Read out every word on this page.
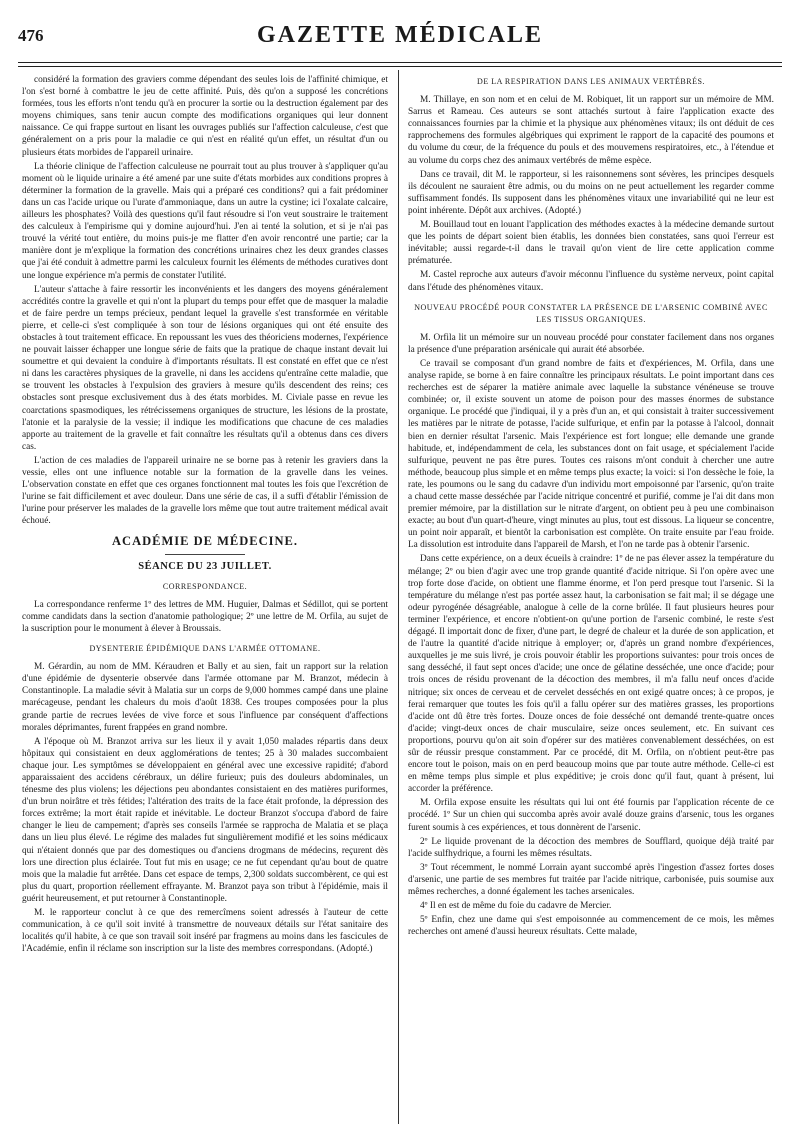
476	GAZETTE MÉDICALE

considéré la formation des graviers comme dépendant des seules lois de l'affinité chimique, et l'on s'est borné à combattre le jeu de cette affinité. Puis, dès qu'on a supposé les concrétions formées, tous les efforts n'ont tendu qu'à en procurer la sortie ou la destruction également par des moyens chimiques, sans tenir aucun compte des modifications organiques qui leur donnent naissance. Ce qui frappe surtout en lisant les ouvrages publiés sur l'affection calculeuse, c'est que généralement on a pris pour la maladie ce qui n'est en réalité qu'un effet, un résultat d'un ou plusieurs états morbides de l'appareil urinaire.

La théorie clinique de l'affection calculeuse ne pourrait tout au plus trouver à s'appliquer qu'au moment où le liquide urinaire a été amené par une suite d'états morbides aux conditions propres à déterminer la formation de la gravelle. Mais qui a préparé ces conditions? qui a fait prédominer dans un cas l'acide urique ou l'urate d'ammoniaque, dans un autre la cystine; ici l'oxalate calcaire, ailleurs les phosphates? Voilà des questions qu'il faut résoudre si l'on veut soustraire le traitement des calculeux à l'empirisme qui y domine aujourd'hui. J'en ai tenté la solution, et si je n'ai pas trouvé la vérité tout entière, du moins puis-je me flatter d'en avoir rencontré une partie; car la manière dont je m'explique la formation des concrétions urinaires chez les deux grandes classes que j'ai été conduit à admettre parmi les calculeux fournit les éléments de méthodes curatives dont une longue expérience m'a permis de constater l'utilité.

L'auteur s'attache à faire ressortir les inconvénients et les dangers des moyens généralement accrédités contre la gravelle et qui n'ont la plupart du temps pour effet que de masquer la maladie et de faire perdre un temps précieux, pendant lequel la gravelle s'est transformée en véritable pierre, et celle-ci s'est compliquée à son tour de lésions organiques qui ont été ensuite des obstacles à tout traitement efficace. En repoussant les vues des théoriciens modernes, l'expérience ne pouvait laisser échapper une longue série de faits que la pratique de chaque instant devait lui soumettre et qui devaient la conduire à d'importants résultats. Il est constaté en effet que ce n'est ni dans les caractères physiques de la gravelle, ni dans les accidens qu'entraîne cette maladie, que se trouvent les obstacles à l'expulsion des graviers à mesure qu'ils descendent des reins; ces obstacles sont presque exclusivement dus à des états morbides. M. Civiale passe en revue les coarctations spasmodiques, les rétrécissemens organiques de structure, les lésions de la prostate, l'atonie et la paralysie de la vessie; il indique les modifications que chacune de ces maladies apporte au traitement de la gravelle et fait connaître les résultats qu'il a obtenus dans ces divers cas.

L'action de ces maladies de l'appareil urinaire ne se borne pas à retenir les graviers dans la vessie, elles ont une influence notable sur la formation de la gravelle dans les veines. L'observation constate en effet que ces organes fonctionnent mal toutes les fois que l'excrétion de l'urine se fait difficilement et avec douleur. Dans une série de cas, il a suffi d'établir l'émission de l'urine pour préserver les malades de la gravelle lors même que tout autre traitement médical avait échoué.

ACADÉMIE DE MÉDECINE.
SÉANCE DU 23 JUILLET.
CORRESPONDANCE.

La correspondance renferme 1º des lettres de MM. Huguier, Dalmas et Sédillot, qui se portent comme candidats dans la section d'anatomie pathologique; 2º une lettre de M. Orfila, au sujet de la suscription pour le monument à élever à Broussais.

DYSENTERIE ÉPIDÉMIQUE DANS L'ARMÉE OTTOMANE.

M. Gérardin, au nom de MM. Kéraudren et Bally et au sien, fait un rapport sur la relation d'une épidémie de dysenterie observée dans l'armée ottomane par M. Branzot, médecin à Constantinople. La maladie sévit à Malatia sur un corps de 9,000 hommes campé dans une plaine marécageuse, pendant les chaleurs du mois d'août 1838. Ces troupes composées pour la plus grande partie de recrues levées de vive force et sous l'influence par conséquent d'affections morales déprimantes, furent frappées en grand nombre.

A l'époque où M. Branzot arriva sur les lieux il y avait 1,050 malades répartis dans deux hôpitaux qui consistaient en deux agglomérations de tentes; 25 à 30 malades succombaient chaque jour. Les symptômes se développaient en général avec une excessive rapidité; d'abord apparaissaient des accidens cérébraux, un délire furieux; puis des douleurs abdominales, un ténesme des plus violens; les déjections peu abondantes consistaient en des matières puriformes, d'un brun noirâtre et très fétides; l'altération des traits de la face était profonde, la dépression des forces extrême; la mort était rapide et inévitable. Le docteur Branzot s'occupa d'abord de faire changer le lieu de campement; d'après ses conseils l'armée se rapprocha de Malatia et se plaça dans un lieu plus élevé. Le régime des malades fut singulièrement modifié et les soins médicaux qui n'étaient donnés que par des domestiques ou d'anciens drogmans de médecins, reçurent dès lors une direction plus éclairée. Tout fut mis en usage; ce ne fut cependant qu'au bout de quatre mois que la maladie fut arrêtée. Dans cet espace de temps, 2,300 soldats succombèrent, ce qui est plus du quart, proportion réellement effrayante. M. Branzot paya son tribut à l'épidémie, mais il guérit heureusement, et put retourner à Constantinople.

M. le rapporteur conclut à ce que des remercîmens soient adressés à l'auteur de cette communication, à ce qu'il soit invité à transmettre de nouveaux détails sur l'état sanitaire des localités qu'il habite, à ce que son travail soit inséré par fragmens au moins dans les fascicules de l'Académie, enfin il réclame son inscription sur la liste des membres correspondans. (Adopté.)

DE LA RESPIRATION DANS LES ANIMAUX VERTÉBRÉS.

M. Thillaye, en son nom et en celui de M. Robiquet, lit un rapport sur un mémoire de MM. Sarrus et Rameau. Ces auteurs se sont attachés surtout à faire l'application exacte des connaissances fournies par la chimie et la physique aux phénomènes vitaux; ils ont déduit de ces rapprochemens des formules algébriques qui expriment le rapport de la capacité des poumons et du volume du cœur, de la fréquence du pouls et des mouvemens respiratoires, etc., à l'étendue et au volume du corps chez des animaux vertébrés de même espèce.

Dans ce travail, dit M. le rapporteur, si les raisonnemens sont sévères, les principes desquels ils découlent ne sauraient être admis, ou du moins on ne peut actuellement les regarder comme suffisamment fondés. Ils supposent dans les phénomènes vitaux une invariabilité qui ne leur est point inhérente. Dépôt aux archives. (Adopté.)

M. Bouillaud tout en louant l'application des méthodes exactes à la médecine demande surtout que les points de départ soient bien établis, les données bien constatées, sans quoi l'erreur est inévitable; aussi regarde-t-il dans le travail qu'on vient de lire cette application comme prématurée.

M. Castel reproche aux auteurs d'avoir méconnu l'influence du système nerveux, point capital dans l'étude des phénomènes vitaux.

NOUVEAU PROCÉDÉ POUR CONSTATER LA PRÉSENCE DE L'ARSENIC COMBINÉ AVEC LES TISSUS ORGANIQUES.

M. Orfila lit un mémoire sur un nouveau procédé pour constater facilement dans nos organes la présence d'une préparation arsénicale qui aurait été absorbée.

Ce travail se composant d'un grand nombre de faits et d'expériences, M. Orfila, dans une analyse rapide, se borne à en faire connaître les principaux résultats. Le point important dans ces recherches est de séparer la matière animale avec laquelle la substance vénéneuse se trouve combinée; or, il existe souvent un atome de poison pour des masses énormes de substance organique. Le procédé que j'indiquai, il y a près d'un an, et qui consistait à traiter successivement les matières par le nitrate de potasse, l'acide sulfurique, et enfin par la potasse à l'alcool, donnait bien en dernier résultat l'arsenic. Mais l'expérience est fort longue; elle demande une grande habitude, et, indépendamment de cela, les substances dont on fait usage, et spécialement l'acide sulfurique, peuvent ne pas être pures. Toutes ces raisons m'ont conduit à chercher une autre méthode, beaucoup plus simple et en même temps plus exacte; la voici: si l'on dessèche le foie, la rate, les poumons ou le sang du cadavre d'un individu mort empoisonné par l'arsenic, qu'on traite a chaud cette masse desséchée par l'acide nitrique concentré et purifié, comme je l'ai dit dans mon premier mémoire, par la distillation sur le nitrate d'argent, on obtient peu à peu une combinaison exacte; au bout d'un quart-d'heure, vingt minutes au plus, tout est dissous. La liqueur se concentre, un point noir apparaît, et bientôt la carbonisation est complète. On traite ensuite par l'eau froide. La dissolution est introduite dans l'appareil de Marsh, et l'on ne tarde pas à obtenir l'arsenic.

Dans cette expérience, on a deux écueils à craindre: 1º de ne pas élever assez la température du mélange; 2º ou bien d'agir avec une trop grande quantité d'acide nitrique. Si l'on opère avec une trop forte dose d'acide, on obtient une flamme énorme, et l'on perd presque tout l'arsenic. Si la température du mélange n'est pas portée assez haut, la carbonisation se fait mal; il se dégage une odeur pyrogénée désagréable, analogue à celle de la corne brûlée. Il faut plusieurs heures pour terminer l'expérience, et encore n'obtient-on qu'une portion de l'arsenic combiné, le reste s'est dégagé. Il importait donc de fixer, d'une part, le degré de chaleur et la durée de son application, et de l'autre la quantité d'acide nitrique à employer; or, d'après un grand nombre d'expériences, auxquelles je me suis livré, je crois pouvoir établir les proportions suivantes: pour trois onces de sang desséché, il faut sept onces d'acide; une once de gélatine desséchée, une once d'acide; pour trois onces de résidu provenant de la décoction des membres, il m'a fallu neuf onces d'acide nitrique; six onces de cerveau et de cervelet desséchés en ont exigé quatre onces; à ce propos, je ferai remarquer que toutes les fois qu'il a fallu opérer sur des matières grasses, les proportions d'acide ont dû être très fortes. Douze onces de foie desséché ont demandé trente-quatre onces d'acide; vingt-deux onces de chair musculaire, seize onces seulement, etc. En suivant ces proportions, pourvu qu'on ait soin d'opérer sur des matières convenablement desséchées, on est sûr de réussir presque constamment. Par ce procédé, dit M. Orfila, on n'obtient peut-être pas encore tout le poison, mais on en perd beaucoup moins que par toute autre méthode. Celle-ci est en même temps plus simple et plus expéditive; je crois donc qu'il faut, quant à présent, lui accorder la préférence.

M. Orfila expose ensuite les résultats qui lui ont été fournis par l'application récente de ce procédé. 1º Sur un chien qui succomba après avoir avalé douze grains d'arsenic, tous les organes furent soumis à ces expériences, et tous donnèrent de l'arsenic.

2º Le liquide provenant de la décoction des membres de Soufflard, quoique déjà traité par l'acide sulfhydrique, a fourni les mêmes résultats.

3º Tout récemment, le nommé Lorrain ayant succombé après l'ingestion d'assez fortes doses d'arsenic, une partie de ses membres fut traitée par l'acide nitrique, carbonisée, puis soumise aux mêmes recherches, a donné également les taches arsenicales.

4º Il en est de même du foie du cadavre de Mercier.

5º Enfin, chez une dame qui s'est empoisonnée au commencement de ce mois, les mêmes recherches ont amené d'aussi heureux résultats. Cette malade,
